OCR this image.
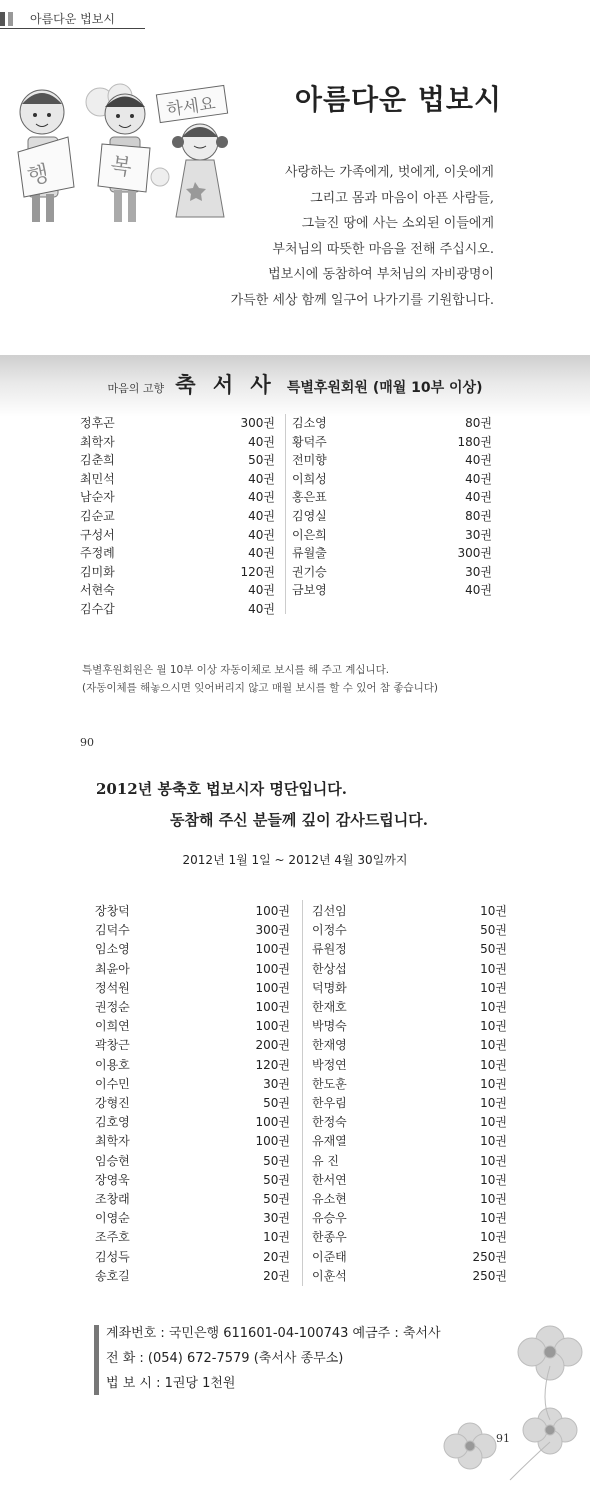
아름다운 법보시
행	복
하세요	아름다운 법보시
사랑하는 가족에게, 벗에게, 이웃에게
그리고 몸과 마음이 아픈 사람들,
그늘진 땅에 사는 소외된 이들에게
부처님의 따뜻한 마음을 전해 주십시오.
법보시에 동참하여 부처님의 자비광명이
가득한 세상 함께 일구어 나가기를 기원합니다.
마음의 고향 축 서 사 특별후원회원 (매월 10부 이상)
정후곤	300권
최학자	40권
김춘희	50권
최민석	40권
남순자	40권
김순교	40권
구성서	40권
주정례	40권
김미화	120권
서현숙	40권
김수갑	40권
김소영	80권
황덕주	180권
전미향	40권
이희성	40권
홍은표	40권
김영실	80권
이은희	30권
류월출	300권
권기승	30권
금보영	40권
특별후원회원은 월 10부 이상 자동이체로 보시를 해 주고 계십니다.
(자동이체를 해놓으시면 잊어버리지 않고 매월 보시를 할 수 있어 참 좋습니다)
90
2012년 봉축호 법보시자 명단입니다.
동참해 주신 분들께 깊이 감사드립니다.
2012년 1월 1일 ~ 2012년 4월 30일까지
장창덕	100권
김덕수	300권
임소영	100권
최윤아	100권
정석원	100권
권정순	100권
이희연	100권
곽창근	200권
이용호	120권
이수민	30권
강형진	50권
김호영	100권
최학자	100권
임승현	50권
장영욱	50권
조창래	50권
이영순	30권
조주호	10권
김성득	20권
송호길	20권
김선임	10권
이정수	50권
류원정	50권
한상섭	10권
덕명화	10권
한재호	10권
박명숙	10권
한재영	10권
박정연	10권
한도훈	10권
한우림	10권
한정숙	10권
유재열	10권
유 진	10권
한서연	10권
유소현	10권
유승우	10권
한종우	10권
이준태	250권
이훈석	250권
계좌번호 : 국민은행 611601-04-100743 예금주 : 축서사
전 화 : (054) 672-7579 (축서사 종무소)
법 보 시 : 1권당 1천원
91
